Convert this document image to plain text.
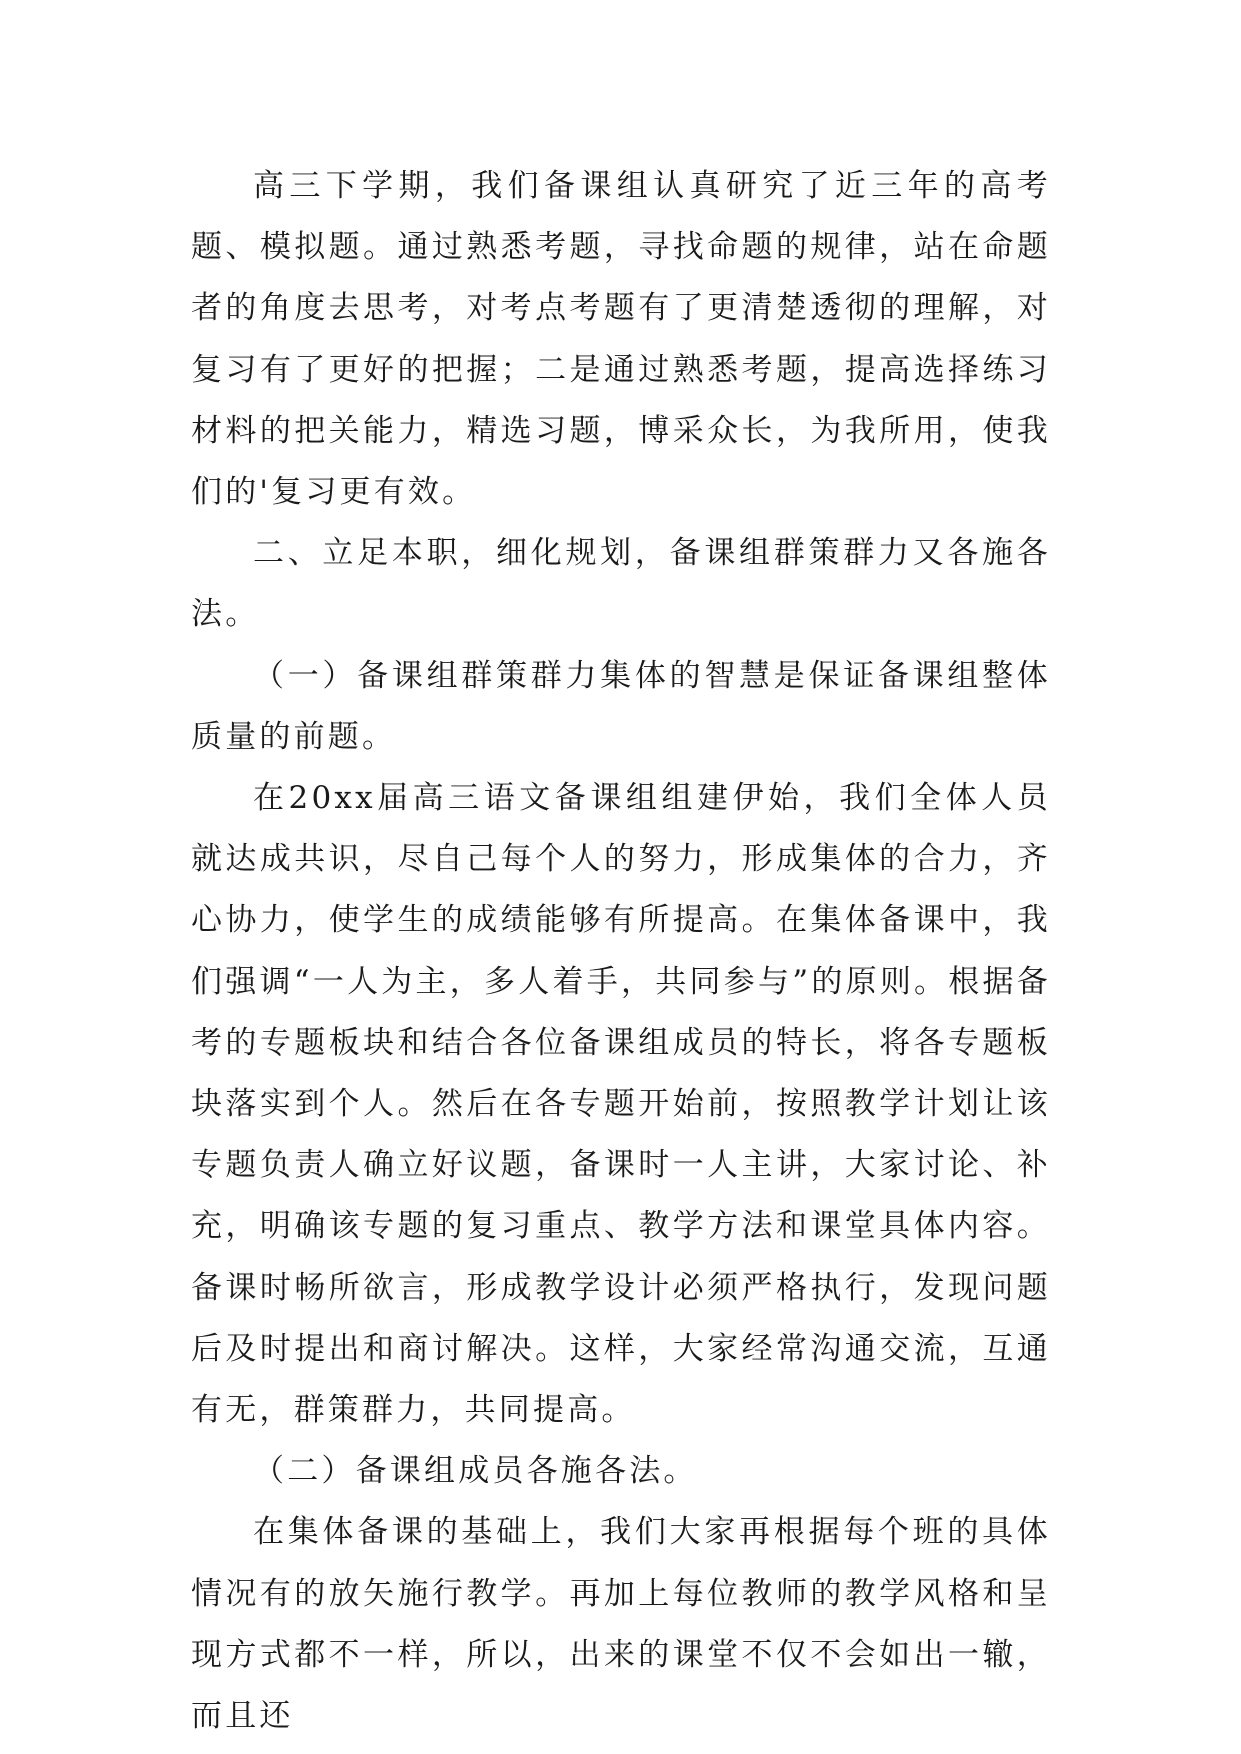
高三下学期，我们备课组认真研究了近三年的高考题、模拟题。通过熟悉考题，寻找命题的规律，站在命题者的角度去思考，对考点考题有了更清楚透彻的理解，对复习有了更好的把握；二是通过熟悉考题，提高选择练习材料的把关能力，精选习题，博采众长，为我所用，使我们的'复习更有效。

二、立足本职，细化规划，备课组群策群力又各施各法。

（一）备课组群策群力集体的智慧是保证备课组整体质量的前题。

在20xx届高三语文备课组组建伊始，我们全体人员就达成共识，尽自己每个人的努力，形成集体的合力，齐心协力，使学生的成绩能够有所提高。在集体备课中，我们强调“一人为主，多人着手，共同参与”的原则。根据备考的专题板块和结合各位备课组成员的特长，将各专题板块落实到个人。然后在各专题开始前，按照教学计划让该专题负责人确立好议题，备课时一人主讲，大家讨论、补充，明确该专题的复习重点、教学方法和课堂具体内容。备课时畅所欲言，形成教学设计必须严格执行，发现问题后及时提出和商讨解决。这样，大家经常沟通交流，互通有无，群策群力，共同提高。

（二）备课组成员各施各法。

在集体备课的基础上，我们大家再根据每个班的具体情况有的放矢施行教学。再加上每位教师的教学风格和呈现方式都不一样，所以，出来的课堂不仅不会如出一辙，而且还
